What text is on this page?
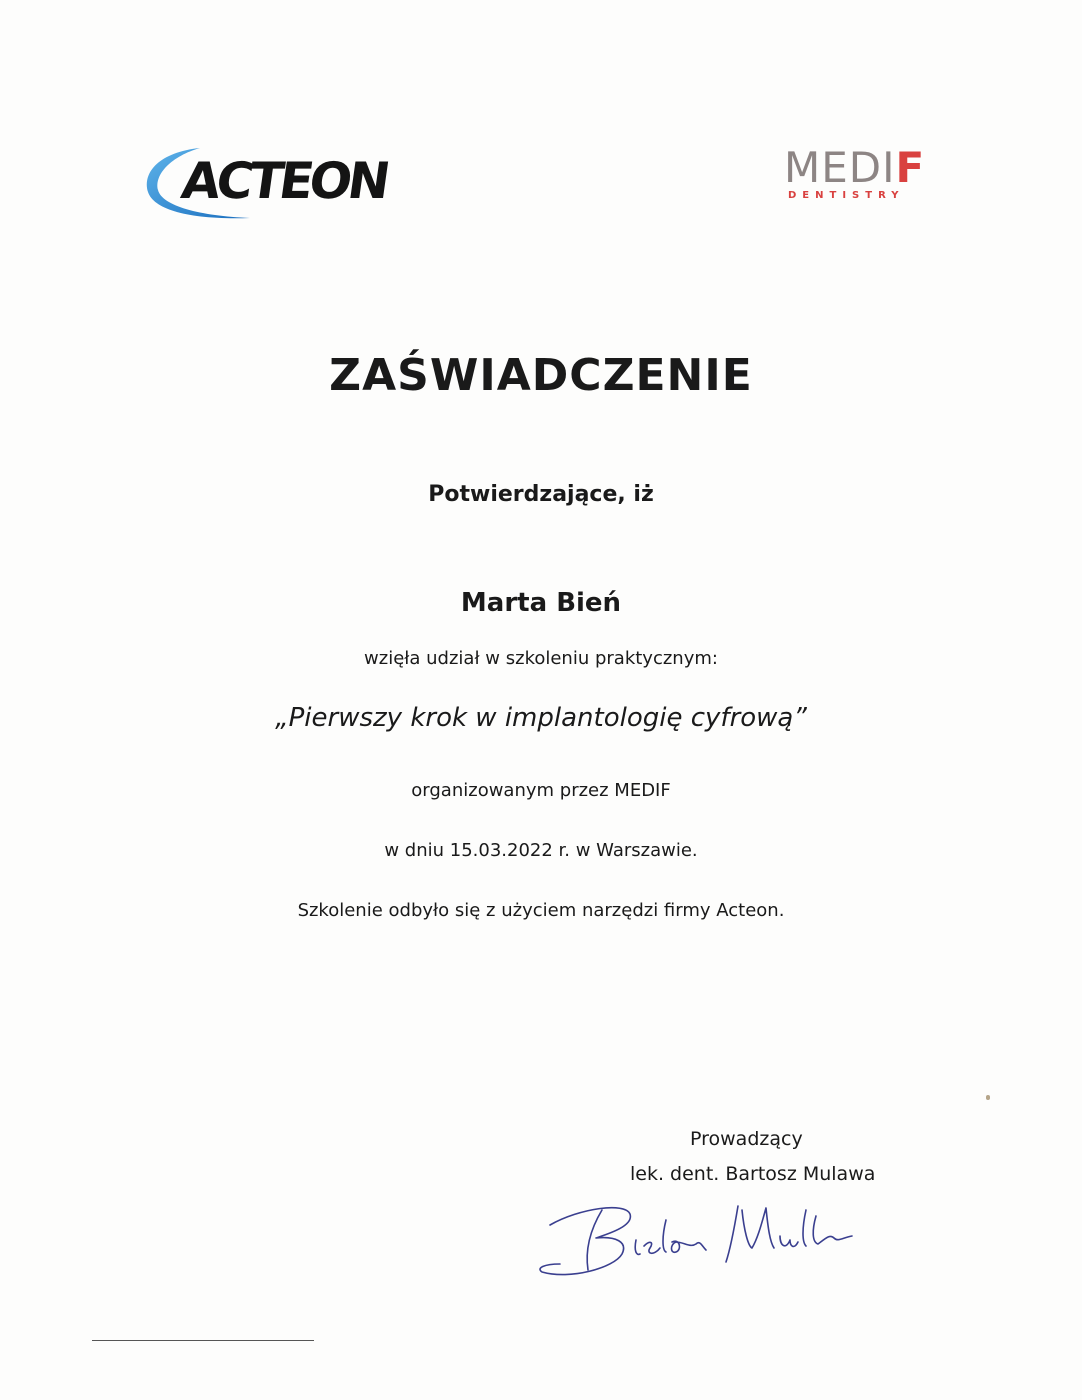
ACTEON	MEDIF
DENTISTRY
ZAŚWIADCZENIE
Potwierdzające, iż
Marta Bień
wzięła udział w szkoleniu praktycznym:
„Pierwszy krok w implantologię cyfrową”
organizowanym przez MEDIF
w dniu 15.03.2022 r. w Warszawie.
Szkolenie odbyło się z użyciem narzędzi firmy Acteon.
Prowadzący
lek. dent. Bartosz Mulawa
